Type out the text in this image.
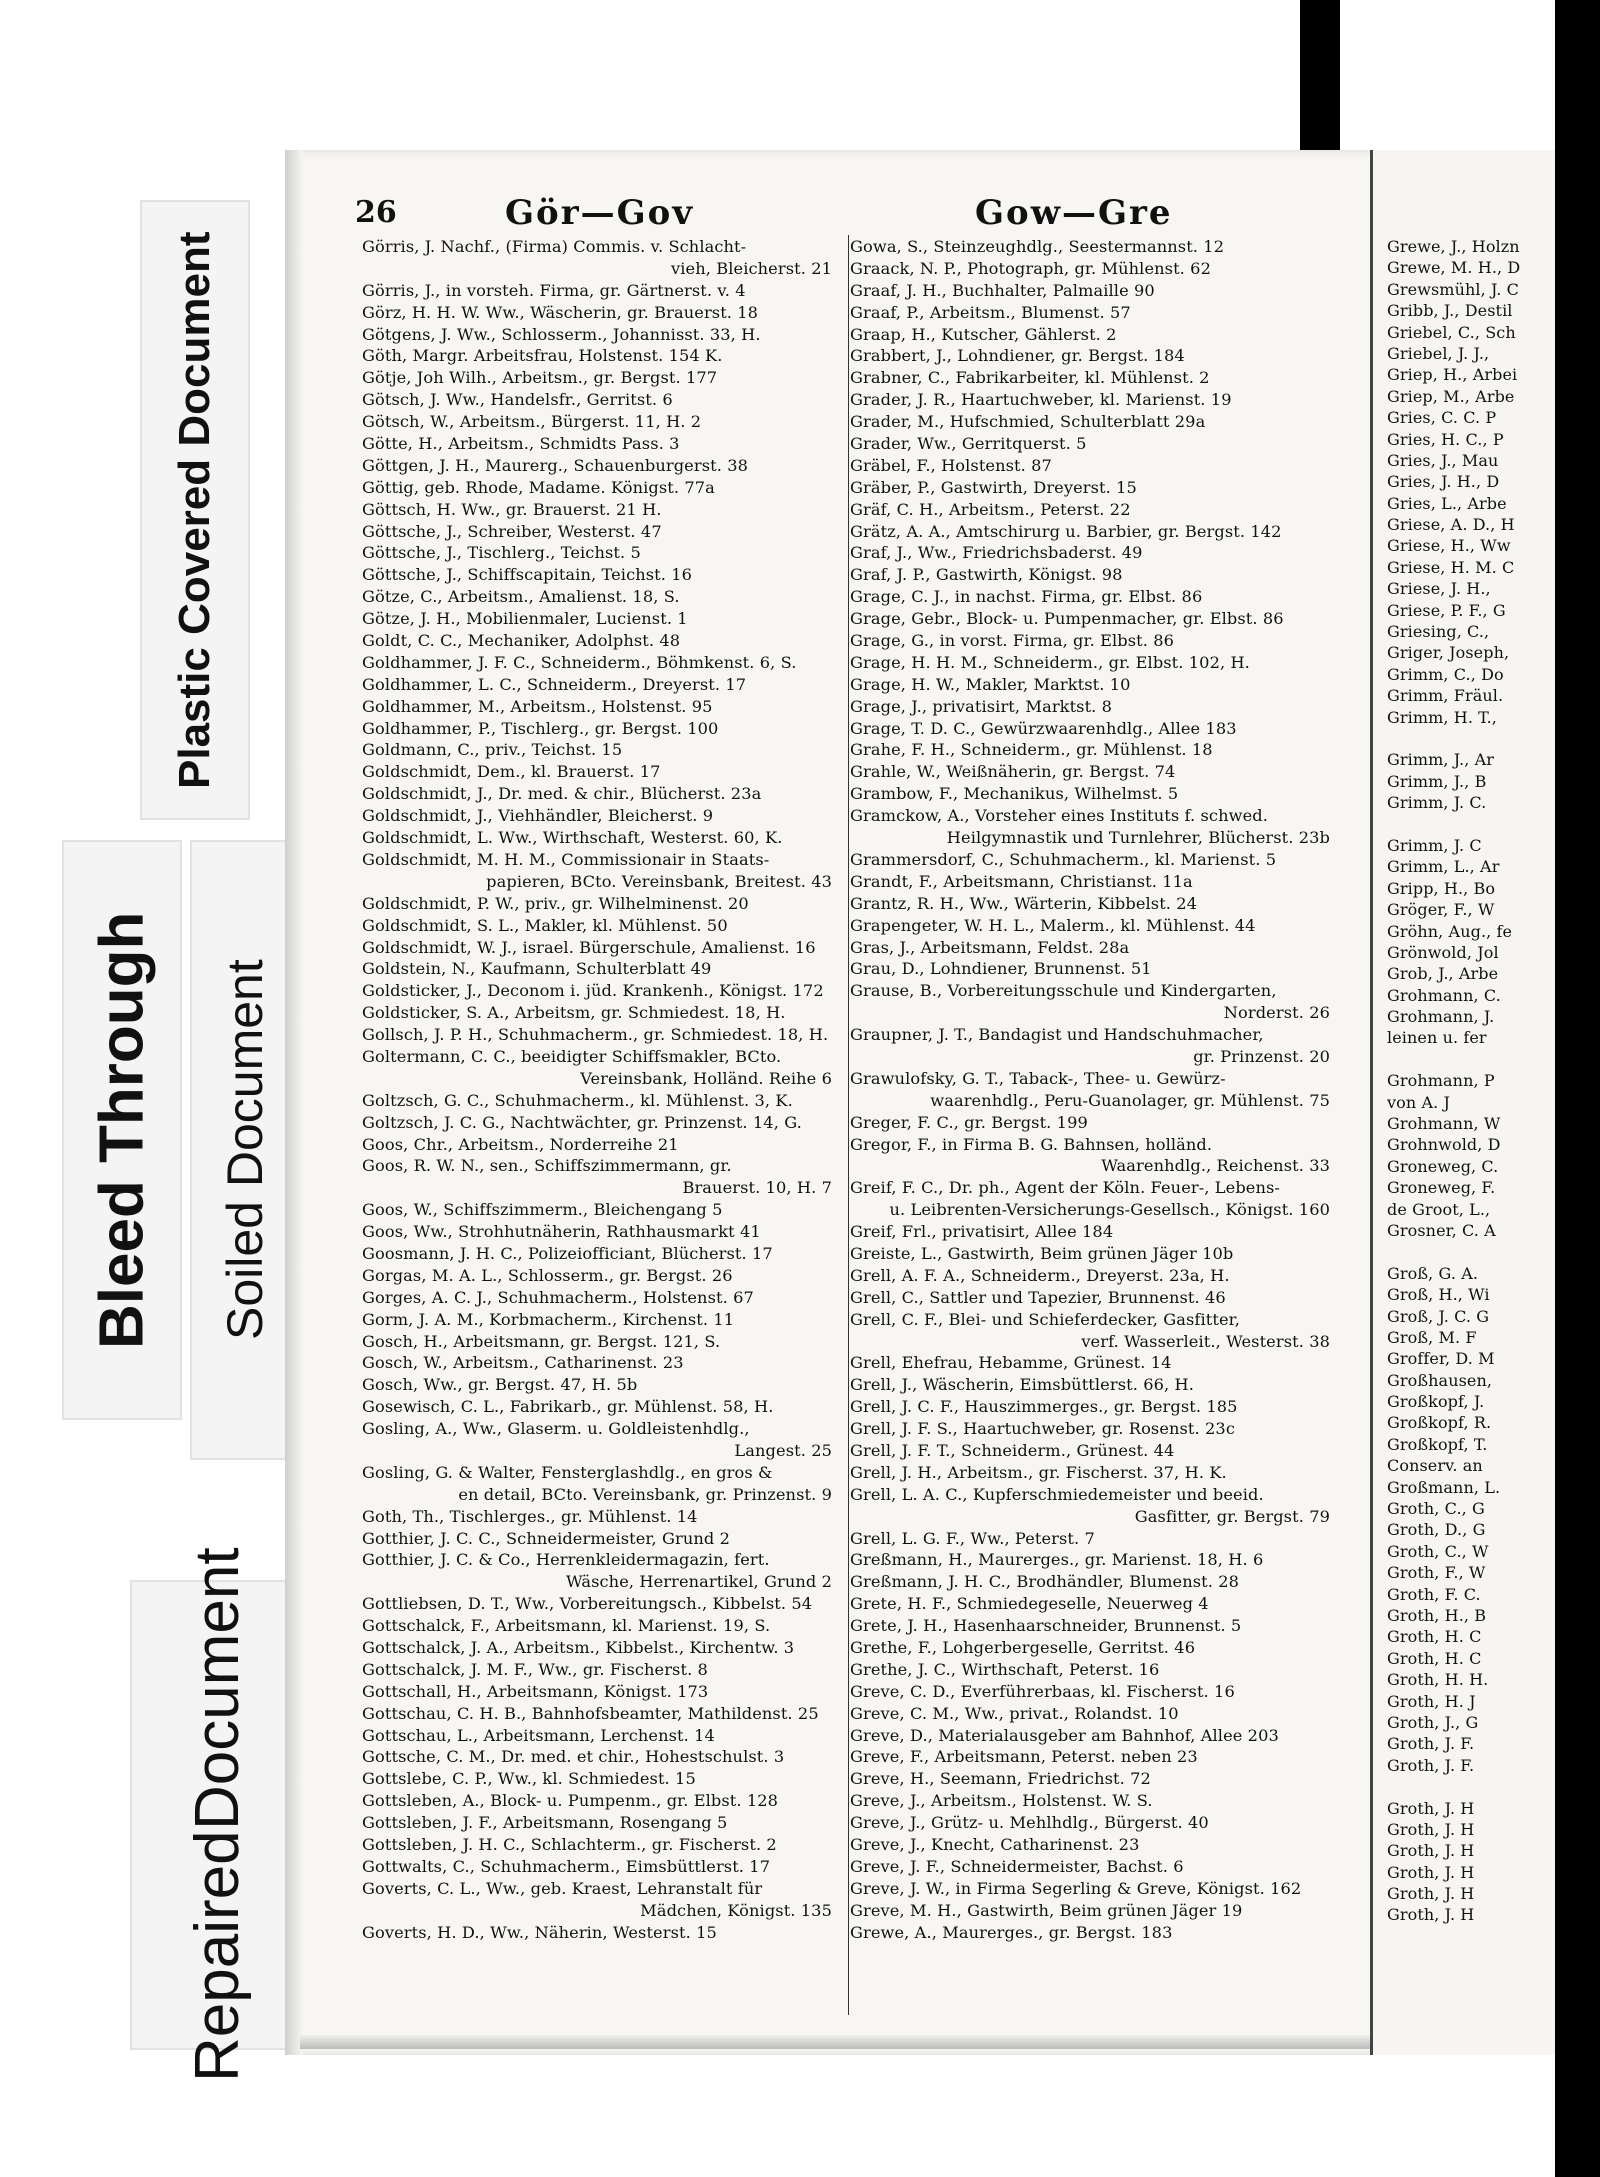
Plastic Covered Document
Bleed Through Soiled Document
Repaired
Document
26	Gör—Gov	Gow—Gre
Görris, J. Nachf., (Firma) Commis. v. Schlacht-
vieh, Bleicherst. 21
Görris, J., in vorsteh. Firma, gr. Gärtnerst. v. 4
Görz, H. H. W. Ww., Wäscherin, gr. Brauerst. 18
Götgens, J. Ww., Schlosserm., Johannisst. 33, H.
Göth, Margr. Arbeitsfrau, Holstenst. 154 K.
Götje, Joh Wilh., Arbeitsm., gr. Bergst. 177
Götsch, J. Ww., Handelsfr., Gerritst. 6
Götsch, W., Arbeitsm., Bürgerst. 11, H. 2
Götte, H., Arbeitsm., Schmidts Pass. 3
Göttgen, J. H., Maurerg., Schauenburgerst. 38
Göttig, geb. Rhode, Madame. Königst. 77a
Göttsch, H. Ww., gr. Brauerst. 21 H.
Göttsche, J., Schreiber, Westerst. 47
Göttsche, J., Tischlerg., Teichst. 5
Göttsche, J., Schiffscapitain, Teichst. 16
Götze, C., Arbeitsm., Amalienst. 18, S.
Götze, J. H., Mobilienmaler, Lucienst. 1
Goldt, C. C., Mechaniker, Adolphst. 48
Goldhammer, J. F. C., Schneiderm., Böhmkenst. 6, S.
Goldhammer, L. C., Schneiderm., Dreyerst. 17
Goldhammer, M., Arbeitsm., Holstenst. 95
Goldhammer, P., Tischlerg., gr. Bergst. 100
Goldmann, C., priv., Teichst. 15
Goldschmidt, Dem., kl. Brauerst. 17
Goldschmidt, J., Dr. med. & chir., Blücherst. 23a
Goldschmidt, J., Viehhändler, Bleicherst. 9
Goldschmidt, L. Ww., Wirthschaft, Westerst. 60, K.
Goldschmidt, M. H. M., Commissionair in Staats-
papieren, BCto. Vereinsbank, Breitest. 43
Goldschmidt, P. W., priv., gr. Wilhelminenst. 20
Goldschmidt, S. L., Makler, kl. Mühlenst. 50
Goldschmidt, W. J., israel. Bürgerschule, Amalienst. 16
Goldstein, N., Kaufmann, Schulterblatt 49
Goldsticker, J., Deconom i. jüd. Krankenh., Königst. 172
Goldsticker, S. A., Arbeitsm, gr. Schmiedest. 18, H.
Gollsch, J. P. H., Schuhmacherm., gr. Schmiedest. 18, H.
Goltermann, C. C., beeidigter Schiffsmakler, BCto.
Vereinsbank, Holländ. Reihe 6
Goltzsch, G. C., Schuhmacherm., kl. Mühlenst. 3, K.
Goltzsch, J. C. G., Nachtwächter, gr. Prinzenst. 14, G.
Goos, Chr., Arbeitsm., Norderreihe 21
Goos, R. W. N., sen., Schiffszimmermann, gr.
Brauerst. 10, H. 7
Goos, W., Schiffszimmerm., Bleichengang 5
Goos, Ww., Strohhutnäherin, Rathhausmarkt 41
Goosmann, J. H. C., Polizeiofficiant, Blücherst. 17
Gorgas, M. A. L., Schlosserm., gr. Bergst. 26
Gorges, A. C. J., Schuhmacherm., Holstenst. 67
Gorm, J. A. M., Korbmacherm., Kirchenst. 11
Gosch, H., Arbeitsmann, gr. Bergst. 121, S.
Gosch, W., Arbeitsm., Catharinenst. 23
Gosch, Ww., gr. Bergst. 47, H. 5b
Gosewisch, C. L., Fabrikarb., gr. Mühlenst. 58, H.
Gosling, A., Ww., Glaserm. u. Goldleistenhdlg.,
Langest. 25
Gosling, G. & Walter, Fensterglashdlg., en gros &
en detail, BCto. Vereinsbank, gr. Prinzenst. 9
Goth, Th., Tischlerges., gr. Mühlenst. 14
Gotthier, J. C. C., Schneidermeister, Grund 2
Gotthier, J. C. & Co., Herrenkleidermagazin, fert.
Wäsche, Herrenartikel, Grund 2
Gottliebsen, D. T., Ww., Vorbereitungsch., Kibbelst. 54
Gottschalck, F., Arbeitsmann, kl. Marienst. 19, S.
Gottschalck, J. A., Arbeitsm., Kibbelst., Kirchentw. 3
Gottschalck, J. M. F., Ww., gr. Fischerst. 8
Gottschall, H., Arbeitsmann, Königst. 173
Gottschau, C. H. B., Bahnhofsbeamter, Mathildenst. 25
Gottschau, L., Arbeitsmann, Lerchenst. 14
Gottsche, C. M., Dr. med. et chir., Hohestschulst. 3
Gottslebe, C. P., Ww., kl. Schmiedest. 15
Gottsleben, A., Block- u. Pumpenm., gr. Elbst. 128
Gottsleben, J. F., Arbeitsmann, Rosengang 5
Gottsleben, J. H. C., Schlachterm., gr. Fischerst. 2
Gottwalts, C., Schuhmacherm., Eimsbüttlerst. 17
Goverts, C. L., Ww., geb. Kraest, Lehranstalt für
Mädchen, Königst. 135
Goverts, H. D., Ww., Näherin, Westerst. 15
Gowa, S., Steinzeughdlg., Seestermannst. 12
Graack, N. P., Photograph, gr. Mühlenst. 62
Graaf, J. H., Buchhalter, Palmaille 90
Graaf, P., Arbeitsm., Blumenst. 57
Graap, H., Kutscher, Gählerst. 2
Grabbert, J., Lohndiener, gr. Bergst. 184
Grabner, C., Fabrikarbeiter, kl. Mühlenst. 2
Grader, J. R., Haartuchweber, kl. Marienst. 19
Grader, M., Hufschmied, Schulterblatt 29a
Grader, Ww., Gerritquerst. 5
Gräbel, F., Holstenst. 87
Gräber, P., Gastwirth, Dreyerst. 15
Gräf, C. H., Arbeitsm., Peterst. 22
Grätz, A. A., Amtschirurg u. Barbier, gr. Bergst. 142
Graf, J., Ww., Friedrichsbaderst. 49
Graf, J. P., Gastwirth, Königst. 98
Grage, C. J., in nachst. Firma, gr. Elbst. 86
Grage, Gebr., Block- u. Pumpenmacher, gr. Elbst. 86
Grage, G., in vorst. Firma, gr. Elbst. 86
Grage, H. H. M., Schneiderm., gr. Elbst. 102, H.
Grage, H. W., Makler, Marktst. 10
Grage, J., privatisirt, Marktst. 8
Grage, T. D. C., Gewürzwaarenhdlg., Allee 183
Grahe, F. H., Schneiderm., gr. Mühlenst. 18
Grahle, W., Weißnäherin, gr. Bergst. 74
Grambow, F., Mechanikus, Wilhelmst. 5
Gramckow, A., Vorsteher eines Instituts f. schwed.
Heilgymnastik und Turnlehrer, Blücherst. 23b
Grammersdorf, C., Schuhmacherm., kl. Marienst. 5
Grandt, F., Arbeitsmann, Christianst. 11a
Grantz, R. H., Ww., Wärterin, Kibbelst. 24
Grapengeter, W. H. L., Malerm., kl. Mühlenst. 44
Gras, J., Arbeitsmann, Feldst. 28a
Grau, D., Lohndiener, Brunnenst. 51
Grause, B., Vorbereitungsschule und Kindergarten,
Norderst. 26
Graupner, J. T., Bandagist und Handschuhmacher,
gr. Prinzenst. 20
Grawulofsky, G. T., Taback-, Thee- u. Gewürz-
waarenhdlg., Peru-Guanolager, gr. Mühlenst. 75
Greger, F. C., gr. Bergst. 199
Gregor, F., in Firma B. G. Bahnsen, holländ.
Waarenhdlg., Reichenst. 33
Greif, F. C., Dr. ph., Agent der Köln. Feuer-, Lebens-
u. Leibrenten-Versicherungs-Gesellsch., Königst. 160
Greif, Frl., privatisirt, Allee 184
Greiste, L., Gastwirth, Beim grünen Jäger 10b
Grell, A. F. A., Schneiderm., Dreyerst. 23a, H.
Grell, C., Sattler und Tapezier, Brunnenst. 46
Grell, C. F., Blei- und Schieferdecker, Gasfitter,
verf. Wasserleit., Westerst. 38
Grell, Ehefrau, Hebamme, Grünest. 14
Grell, J., Wäscherin, Eimsbüttlerst. 66, H.
Grell, J. C. F., Hauszimmerges., gr. Bergst. 185
Grell, J. F. S., Haartuchweber, gr. Rosenst. 23c
Grell, J. F. T., Schneiderm., Grünest. 44
Grell, J. H., Arbeitsm., gr. Fischerst. 37, H. K.
Grell, L. A. C., Kupferschmiedemeister und beeid.
Gasfitter, gr. Bergst. 79
Grell, L. G. F., Ww., Peterst. 7
Greßmann, H., Maurerges., gr. Marienst. 18, H. 6
Greßmann, J. H. C., Brodhändler, Blumenst. 28
Grete, H. F., Schmiedegeselle, Neuerweg 4
Grete, J. H., Hasenhaarschneider, Brunnenst. 5
Grethe, F., Lohgerbergeselle, Gerritst. 46
Grethe, J. C., Wirthschaft, Peterst. 16
Greve, C. D., Everführerbaas, kl. Fischerst. 16
Greve, C. M., Ww., privat., Rolandst. 10
Greve, D., Materialausgeber am Bahnhof, Allee 203
Greve, F., Arbeitsmann, Peterst. neben 23
Greve, H., Seemann, Friedrichst. 72
Greve, J., Arbeitsm., Holstenst. W. S.
Greve, J., Grütz- u. Mehlhdlg., Bürgerst. 40
Greve, J., Knecht, Catharinenst. 23
Greve, J. F., Schneidermeister, Bachst. 6
Greve, J. W., in Firma Segerling & Greve, Königst. 162
Greve, M. H., Gastwirth, Beim grünen Jäger 19
Grewe, A., Maurerges., gr. Bergst. 183
Grewe, J., Holzn
Grewe, M. H., D
Grewsmühl, J. C
Gribb, J., Destil
Griebel, C., Sch
Griebel, J. J.,
Griep, H., Arbei
Griep, M., Arbe
Gries, C. C. P
Gries, H. C., P
Gries, J., Mau
Gries, J. H., D
Gries, L., Arbe
Griese, A. D., H
Griese, H., Ww
Griese, H. M. C
Griese, J. H.,
Griese, P. F., G
Griesing, C.,
Griger, Joseph,
Grimm, C., Do
Grimm, Fräul.
Grimm, H. T.,
Grimm, J., Ar
Grimm, J., B
Grimm, J. C.
Grimm, J. C
Grimm, L., Ar
Gripp, H., Bo
Gröger, F., W
Gröhn, Aug., fe
Grönwold, Jol
Grob, J., Arbe
Grohmann, C.
Grohmann, J.
leinen u. fer
Grohmann, P
von A. J
Grohmann, W
Grohnwold, D
Groneweg, C.
Groneweg, F.
de Groot, L.,
Grosner, C. A
Groß, G. A.
Groß, H., Wi
Groß, J. C. G
Groß, M. F
Groffer, D. M
Großhausen,
Großkopf, J.
Großkopf, R.
Großkopf, T.
Conserv. an
Großmann, L.
Groth, C., G
Groth, D., G
Groth, C., W
Groth, F., W
Groth, F. C.
Groth, H., B
Groth, H. C
Groth, H. C
Groth, H. H.
Groth, H. J
Groth, J., G
Groth, J. F.
Groth, J. F.
Groth, J. H
Groth, J. H
Groth, J. H
Groth, J. H
Groth, J. H
Groth, J. H
